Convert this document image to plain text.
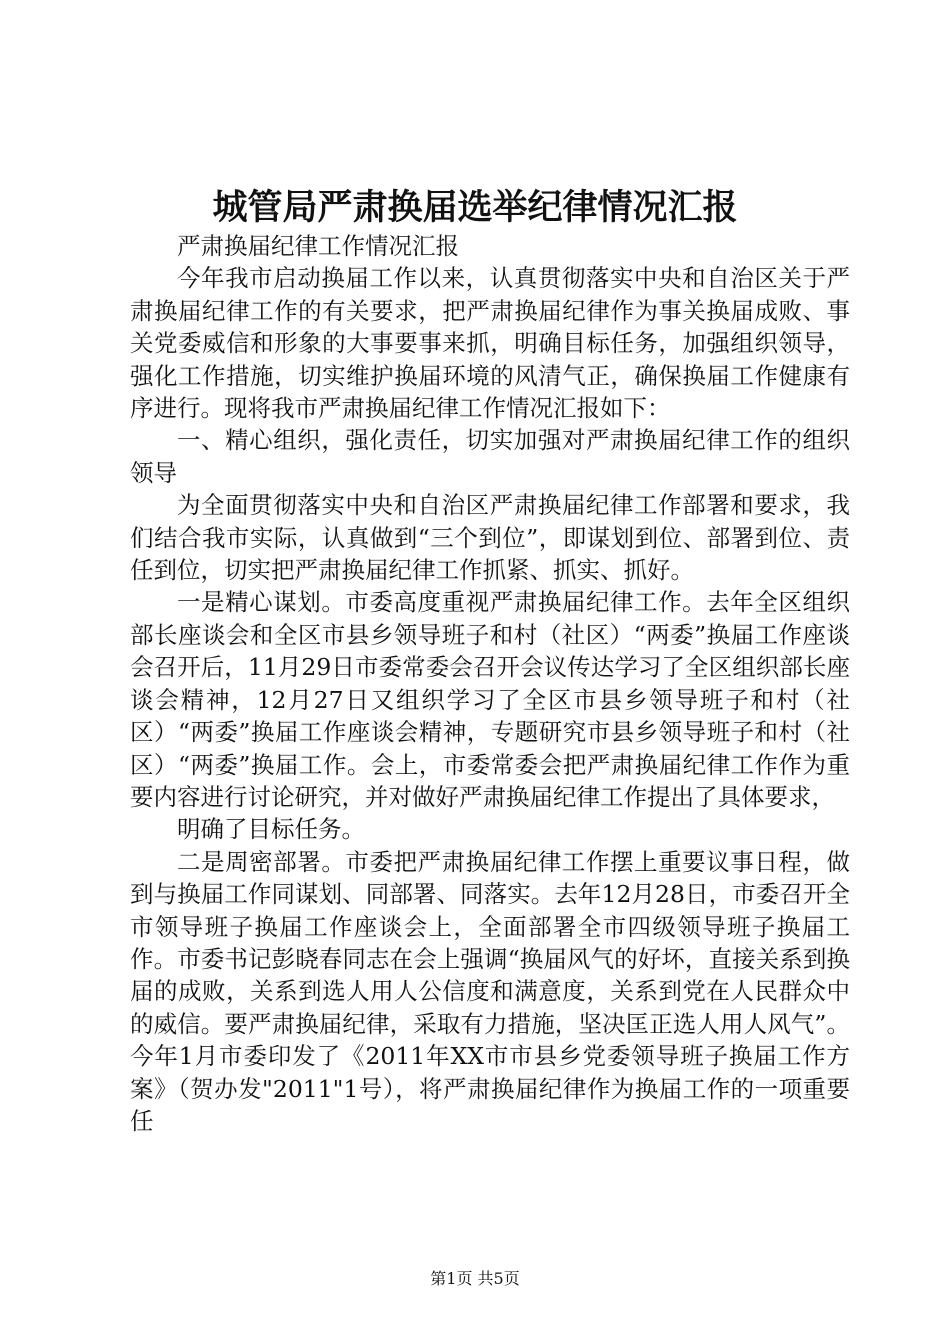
城管局严肃换届选举纪律情况汇报

严肃换届纪律工作情况汇报

今年我市启动换届工作以来，认真贯彻落实中央和自治区关于严肃换届纪律工作的有关要求，把严肃换届纪律作为事关换届成败、事关党委威信和形象的大事要事来抓，明确目标任务，加强组织领导，强化工作措施，切实维护换届环境的风清气正，确保换届工作健康有序进行。现将我市严肃换届纪律工作情况汇报如下：

一、精心组织，强化责任，切实加强对严肃换届纪律工作的组织领导

为全面贯彻落实中央和自治区严肃换届纪律工作部署和要求，我们结合我市实际，认真做到“三个到位”，即谋划到位、部署到位、责任到位，切实把严肃换届纪律工作抓紧、抓实、抓好。

一是精心谋划。市委高度重视严肃换届纪律工作。去年全区组织部长座谈会和全区市县乡领导班子和村（社区）“两委”换届工作座谈会召开后，11月29日市委常委会召开会议传达学习了全区组织部长座谈会精神，12月27日又组织学习了全区市县乡领导班子和村（社区）“两委”换届工作座谈会精神，专题研究市县乡领导班子和村（社区）“两委”换届工作。会上，市委常委会把严肃换届纪律工作作为重要内容进行讨论研究，并对做好严肃换届纪律工作提出了具体要求，

明确了目标任务。

二是周密部署。市委把严肃换届纪律工作摆上重要议事日程，做到与换届工作同谋划、同部署、同落实。去年12月28日，市委召开全市领导班子换届工作座谈会上，全面部署全市四级领导班子换届工作。市委书记彭晓春同志在会上强调“换届风气的好坏，直接关系到换届的成败，关系到选人用人公信度和满意度，关系到党在人民群众中的威信。要严肃换届纪律，采取有力措施，坚决匡正选人用人风气”。今年1月市委印发了《2011年XX市市县乡党委领导班子换届工作方案》（贺办发"2011"1号），将严肃换届纪律作为换届工作的一项重要任

第1页 共5页
